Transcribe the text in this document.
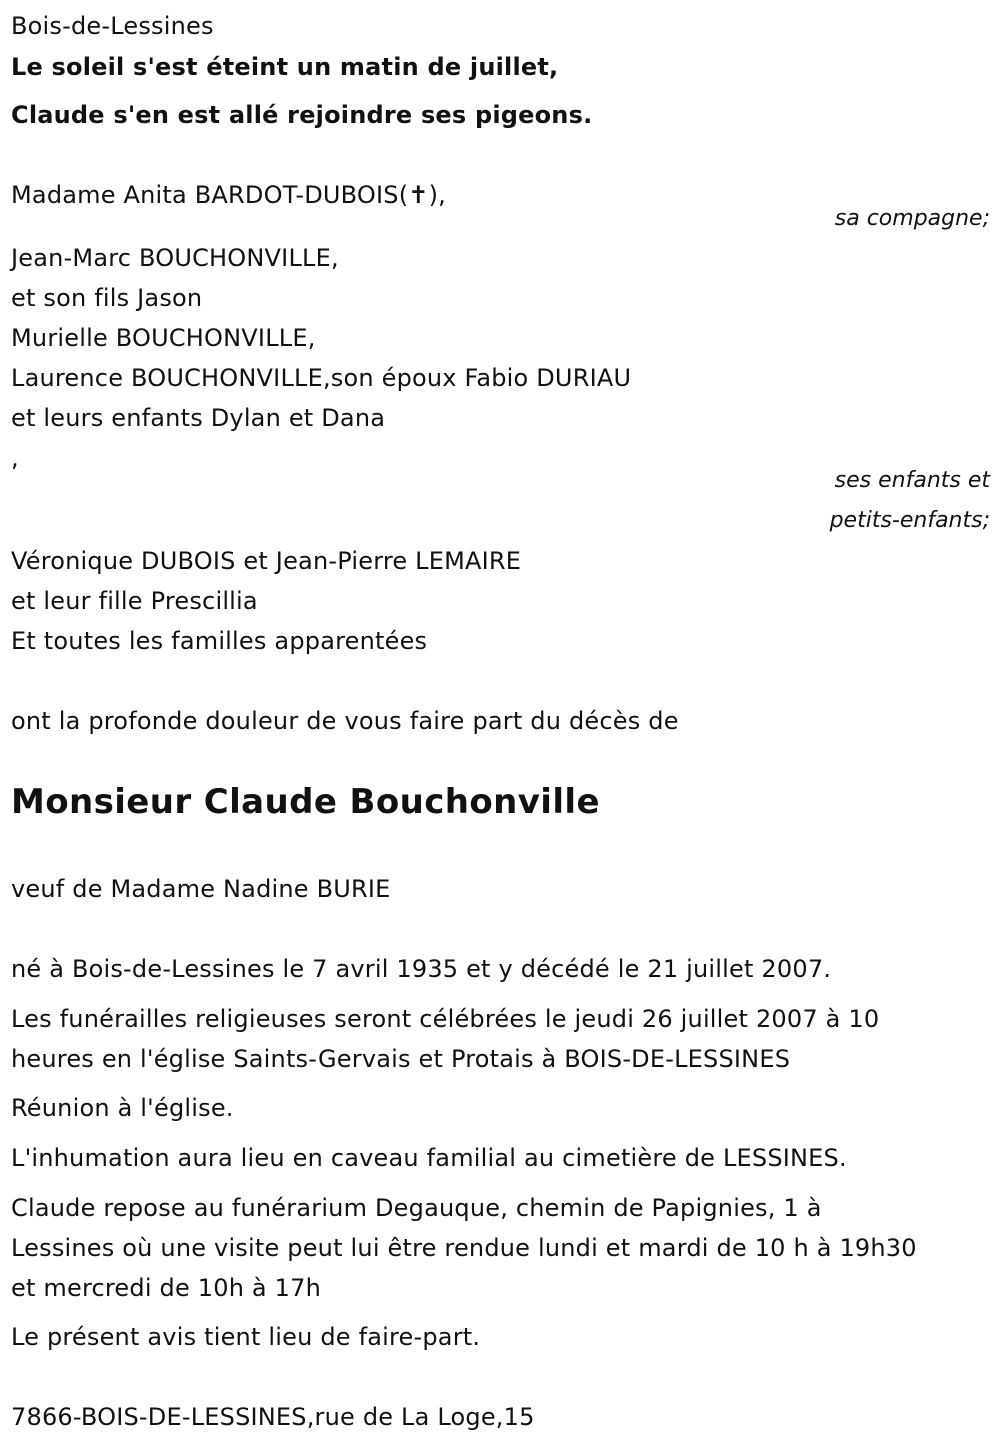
Bois-de-Lessines
Le soleil s'est éteint un matin de juillet,
Claude s'en est allé rejoindre ses pigeons.
Madame Anita BARDOT-DUBOIS(✝),
sa compagne;
Jean-Marc BOUCHONVILLE,
et son fils Jason
Murielle BOUCHONVILLE,
Laurence BOUCHONVILLE,son époux Fabio DURIAU
et leurs enfants Dylan et Dana
,
ses enfants et
petits-enfants;
Véronique DUBOIS et Jean-Pierre LEMAIRE
et leur fille Prescillia
Et toutes les familles apparentées
ont la profonde douleur de vous faire part du décès de
Monsieur Claude Bouchonville
veuf de Madame Nadine BURIE
né à Bois-de-Lessines le 7 avril 1935 et y décédé le 21 juillet 2007.
Les funérailles religieuses seront célébrées le jeudi 26 juillet 2007 à 10
heures en l'église Saints-Gervais et Protais à BOIS-DE-LESSINES
Réunion à l'église.
L'inhumation aura lieu en caveau familial au cimetière de LESSINES.
Claude repose au funérarium Degauque, chemin de Papignies, 1 à
Lessines où une visite peut lui être rendue lundi et mardi de 10 h à 19h30
et mercredi de 10h à 17h
Le présent avis tient lieu de faire-part.
7866-BOIS-DE-LESSINES,rue de La Loge,15
